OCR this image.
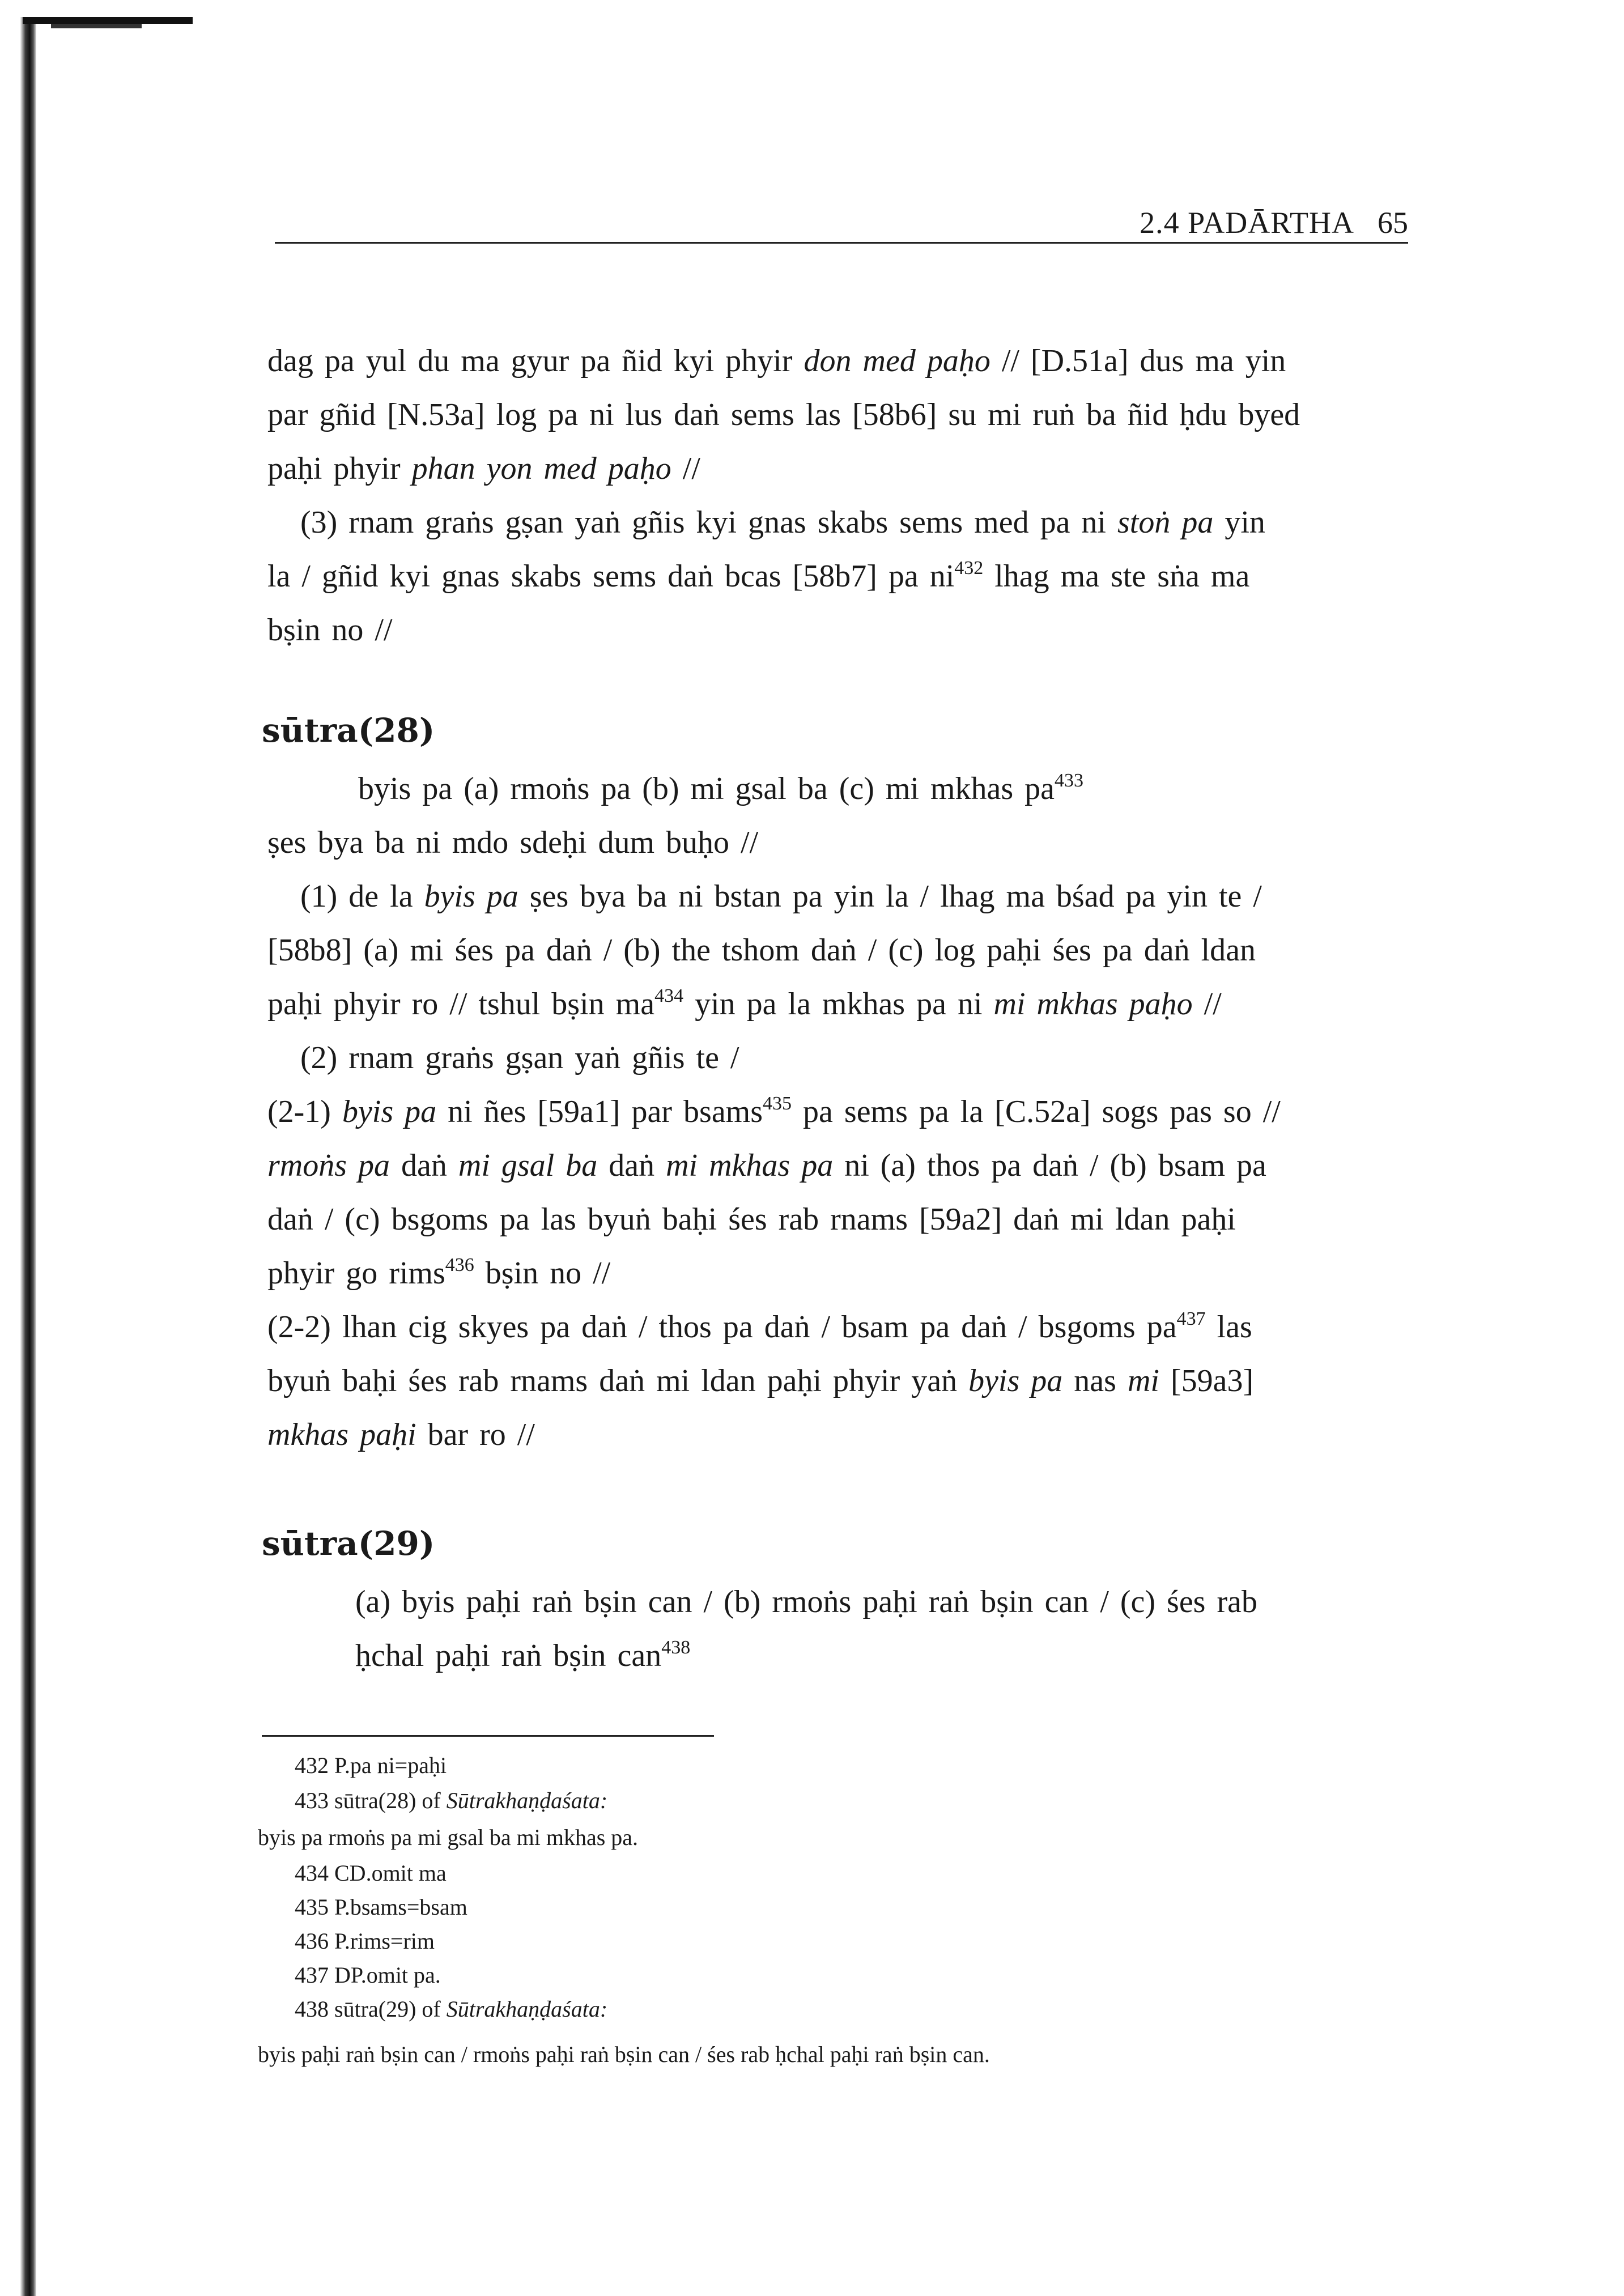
2.4 PADĀRTHA 65
dag pa yul du ma gyur pa ñid kyi phyir don med paḥo // [D.51a] dus ma yin
par gñid [N.53a] log pa ni lus daṅ sems las [58b6] su mi ruṅ ba ñid ḥdu byed
paḥi phyir phan yon med paḥo //
(3) rnam graṅs gṣan yaṅ gñis kyi gnas skabs sems med pa ni stoṅ pa yin
la / gñid kyi gnas skabs sems daṅ bcas [58b7] pa $ni^{432}$ lhag ma ste sṅa ma
bṣin no //
sūtra(28)
byis pa (a) rmoṅs pa (b) mi gsal ba (c) mi mkhas $pa^{433}$
ṣes bya ba ni mdo sdeḥi dum buḥo //
(1) de la byis pa ṣes bya ba ni bstan pa yin la / lhag ma bśad pa yin te /
[58b8] (a) mi śes pa daṅ / (b) the tshom daṅ / (c) log paḥi śes pa daṅ ldan
paḥi phyir ro // tshul bṣin $ma^{434}$ yin pa la mkhas pa ni mi mkhas paḥo //
(2) rnam graṅs gṣan yaṅ gñis te /
(2-1) byis pa ni ñes [59a1] par bsams$^{435}$ pa sems pa la [C.52a] sogs pas so //
rmoṅs pa daṅ mi gsal ba daṅ mi mkhas pa ni (a) thos pa daṅ / (b) bsam pa
daṅ / (c) bsgoms pa las byuṅ baḥi śes rab rnams [59a2] daṅ mi ldan paḥi
phyir go rims$^{436}$ bṣin no //
(2-2) lhan cig skyes pa daṅ / thos pa daṅ / bsam pa daṅ / bsgoms $pa^{437}$ las
byuṅ baḥi śes rab rnams daṅ mi ldan paḥi phyir yaṅ byis pa nas mi [59a3]
mkhas paḥi bar ro //
sūtra(29)
(a) byis paḥi raṅ bṣin can / (b) rmoṅs paḥi raṅ bṣin can / (c) śes rab
ḥchal paḥi raṅ bṣin can$^{438}$
432 P.pa ni=paḥi
433 sūtra(28) of Sūtrakhaṇḍaśata:
byis pa rmoṅs pa mi gsal ba mi mkhas pa.
434 CD.omit ma
435 P.bsams=bsam
436 P.rims=rim
437 DP.omit pa.
438 sūtra(29) of Sūtrakhaṇḍaśata:
byis paḥi raṅ bṣin can / rmoṅs paḥi raṅ bṣin can / śes rab ḥchal paḥi raṅ bṣin can.
